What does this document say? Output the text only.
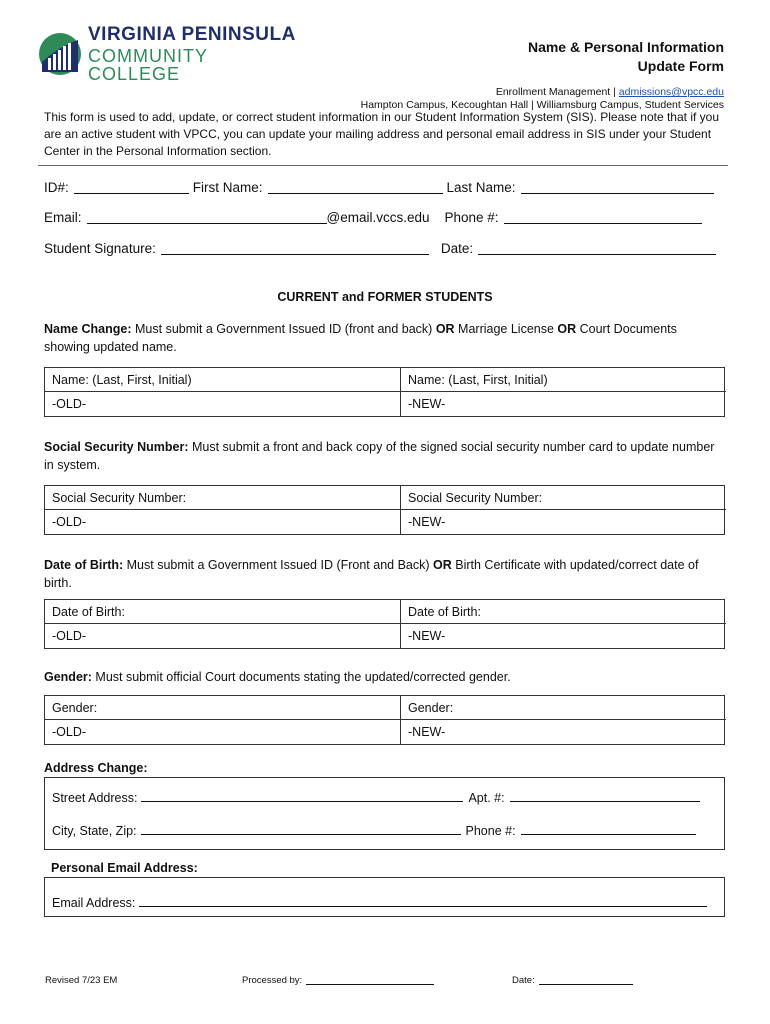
VIRGINIA PENINSULA
COMMUNITY COLLEGE
Name & Personal Information
Update Form
Enrollment Management | admissions@vpcc.edu
Hampton Campus, Kecoughtan Hall | Williamsburg Campus, Student Services
This form is used to add, update, or correct student information in our Student Information System (SIS). Please note that if you are an active student with VPCC, you can update your mailing address and personal email address in SIS under your Student Center in the Personal Information section.
ID#:	First Name:	Last Name:
Email:	@email.vccs.edu Phone #:
Student Signature:	Date:
CURRENT and FORMER STUDENTS
Name Change: Must submit a Government Issued ID (front and back) OR Marriage License OR Court Documents showing updated name.
Name: (Last, First, Initial)	Name: (Last, First, Initial)
-OLD-	-NEW-
Social Security Number: Must submit a front and back copy of the signed social security number card to update number in system.
Social Security Number:	Social Security Number:
-OLD-	-NEW-
Date of Birth: Must submit a Government Issued ID (Front and Back) OR Birth Certificate with updated/correct date of birth.
Date of Birth:	Date of Birth:
-OLD-	-NEW-
Gender: Must submit official Court documents stating the updated/corrected gender.
Gender:	Gender:
-OLD-	-NEW-
Address Change:
Street Address:	Apt. #:
City, State, Zip:	Phone #:
Personal Email Address:
Email Address:
Revised 7/23 EM	Processed by:	Date:
